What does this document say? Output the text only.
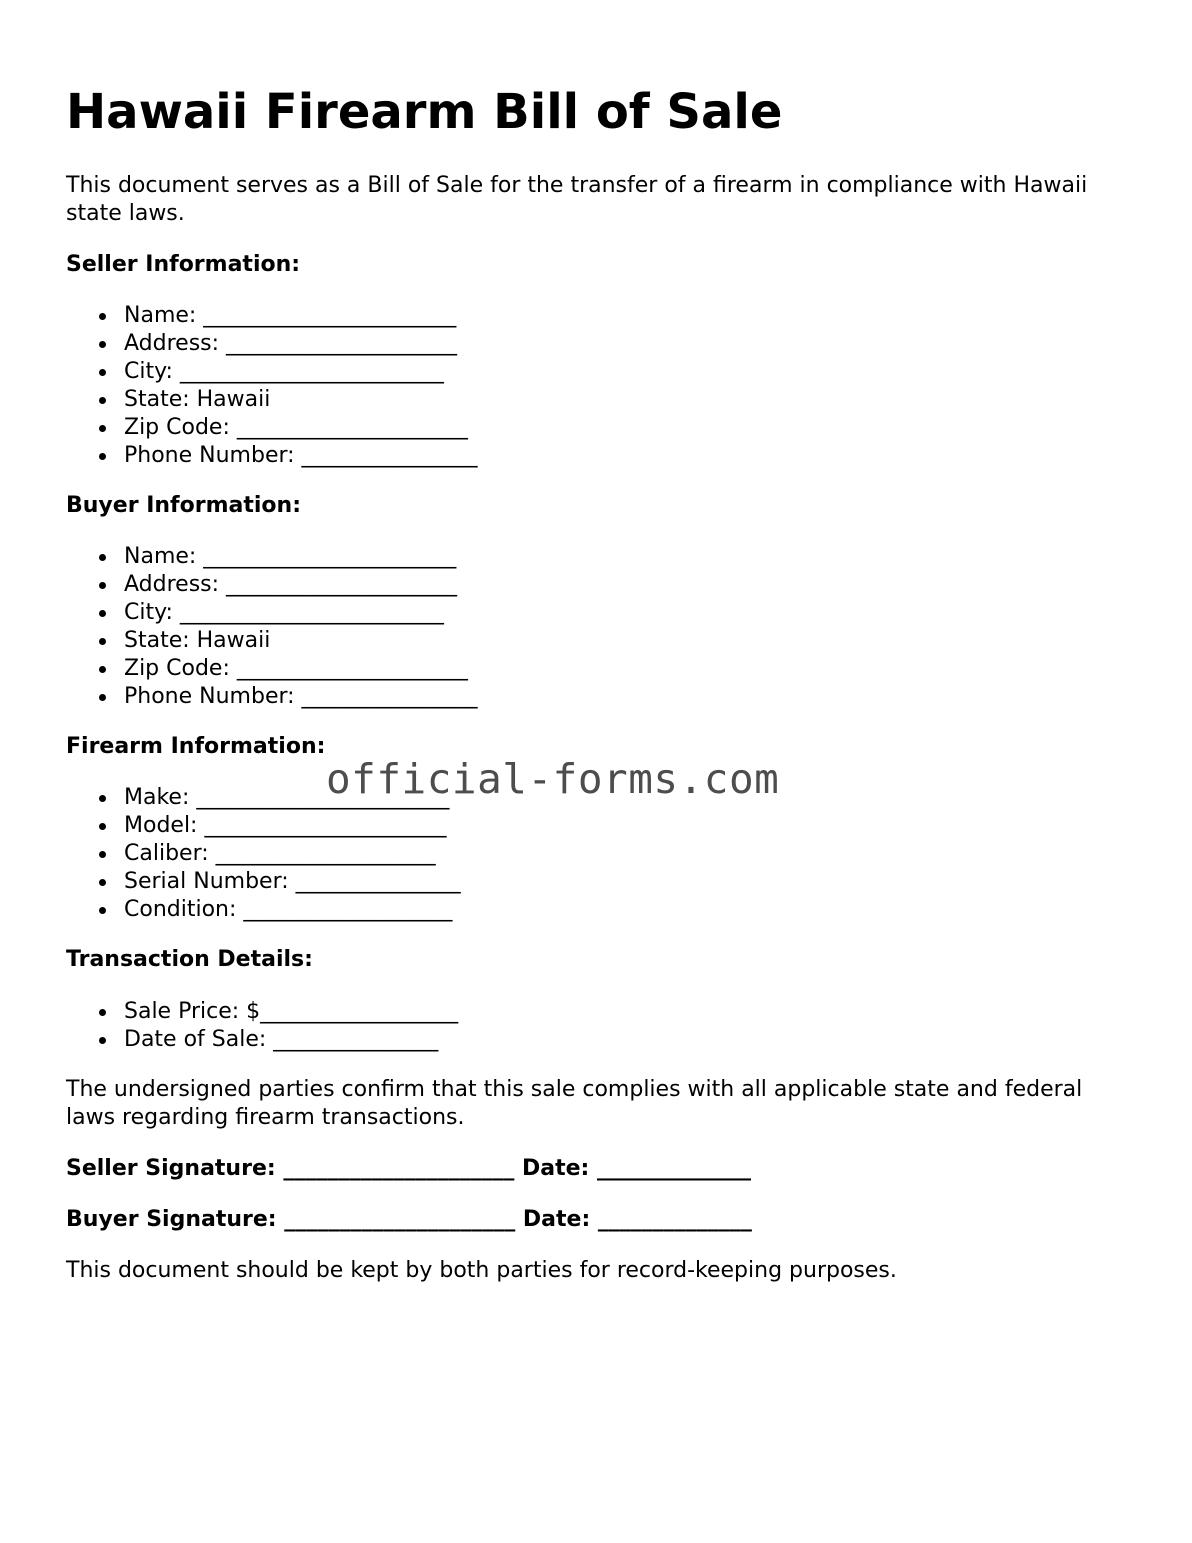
Hawaii Firearm Bill of Sale

This document serves as a Bill of Sale for the transfer of a firearm in compliance with Hawaii state laws.

Seller Information:

Name: _______________________
Address: _____________________
City: ________________________
State: Hawaii
Zip Code: _____________________
Phone Number: ________________

Buyer Information:

Name: _______________________
Address: _____________________
City: ________________________
State: Hawaii
Zip Code: _____________________
Phone Number: ________________

Firearm Information:

Make: _______________________
Model: ______________________
Caliber: ____________________
Serial Number: _______________
Condition: ___________________

Transaction Details:

Sale Price: $__________________
Date of Sale: _______________

The undersigned parties confirm that this sale complies with all applicable state and federal laws regarding firearm transactions.

Seller Signature: _____________________ Date: ______________

Buyer Signature: _____________________ Date: ______________

This document should be kept by both parties for record-keeping purposes.

official-forms.com
